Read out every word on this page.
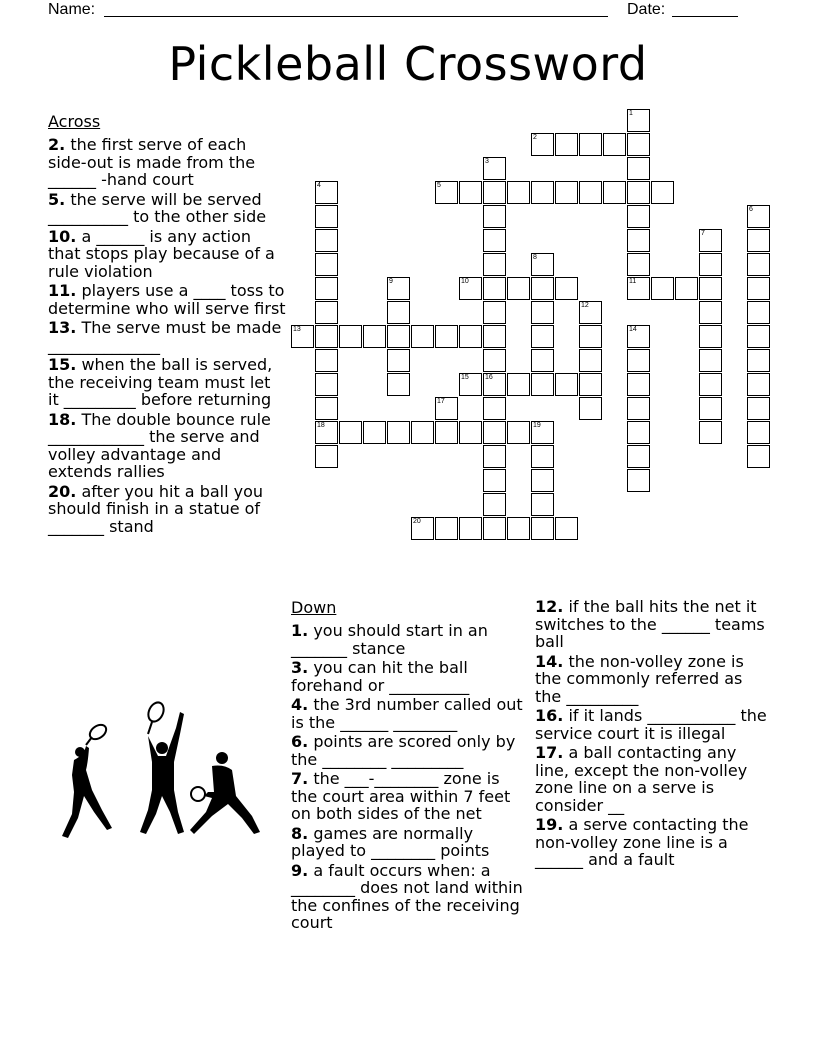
Name:	Date:
Pickleball Crossword
Across
2. the first serve of each side-out is made from the ______ -hand court
5. the serve will be served __________ to the other side
10. a ______ is any action that stops play because of a rule violation
11. players use a ____ toss to determine who will serve first
13. The serve must be made ______________
15. when the ball is served, the receiving team must let it _________ before returning
18. The double bounce rule ____________ the serve and volley advantage and extends rallies
20. after you hit a ball you should finish in a statue of _______ stand
Down
1. you should start in an _______ stance
3. you can hit the ball forehand or __________
4. the 3rd number called out is the ______ ________
6. points are scored only by the ________ _________
7. the ___-________ zone is the court area within 7 feet on both sides of the net
8. games are normally played to ________ points
9. a fault occurs when: a ________ does not land within the confines of the receiving court
12. if the ball hits the net it switches to the ______ teams ball
14. the non-volley zone is the commonly referred as the _________
16. if it lands ___________ the service court it is illegal
17. a ball contacting any line, except the non-volley zone line on a serve is consider __
19. a serve contacting the non-volley zone line is a ______ and a fault
2
5
10	11
13
15 16
18
20
1
3
4
6
7
8
9
12
14
17
19
